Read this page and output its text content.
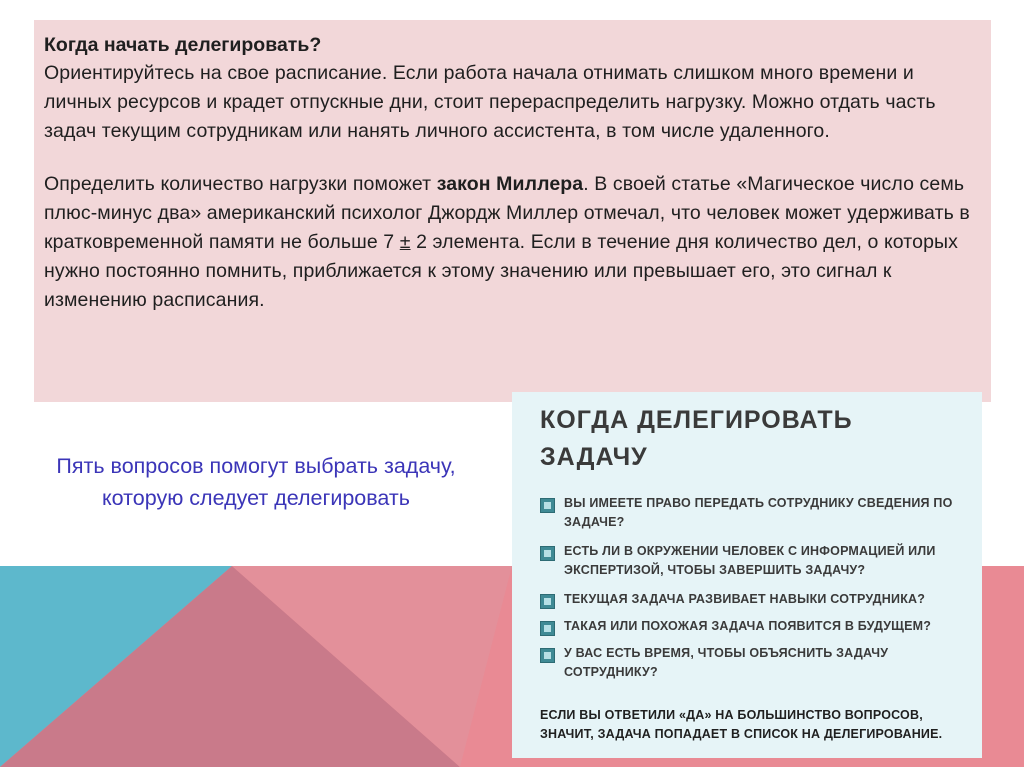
Когда начать делегировать?

Ориентируйтесь на свое расписание. Если работа начала отнимать слишком много времени и личных ресурсов и крадет отпускные дни, стоит перераспределить нагрузку. Можно отдать часть задач текущим сотрудникам или нанять личного ассистента, в том числе удаленного.

Определить количество нагрузки поможет закон Миллера. В своей статье «Магическое число семь плюс-минус два» американский психолог Джордж Миллер отмечал, что человек может удерживать в кратковременной памяти не больше 7 ± 2 элемента. Если в течение дня количество дел, о которых нужно постоянно помнить, приближается к этому значению или превышает его, это сигнал к изменению расписания.

Пять вопросов помогут выбрать задачу, которую следует делегировать

КОГДА ДЕЛЕГИРОВАТЬ ЗАДАЧУ
ВЫ ИМЕЕТЕ ПРАВО ПЕРЕДАТЬ СОТРУДНИКУ СВЕДЕНИЯ ПО ЗАДАЧЕ?
ЕСТЬ ЛИ В ОКРУЖЕНИИ ЧЕЛОВЕК С ИНФОРМАЦИЕЙ ИЛИ ЭКСПЕРТИЗОЙ, ЧТОБЫ ЗАВЕРШИТЬ ЗАДАЧУ?
ТЕКУЩАЯ ЗАДАЧА РАЗВИВАЕТ НАВЫКИ СОТРУДНИКА?
ТАКАЯ ИЛИ ПОХОЖАЯ ЗАДАЧА ПОЯВИТСЯ В БУДУЩЕМ?
У ВАС ЕСТЬ ВРЕМЯ, ЧТОБЫ ОБЪЯСНИТЬ ЗАДАЧУ СОТРУДНИКУ?

ЕСЛИ ВЫ ОТВЕТИЛИ «ДА» НА БОЛЬШИНСТВО ВОПРОСОВ, ЗНАЧИТ, ЗАДАЧА ПОПАДАЕТ В СПИСОК НА ДЕЛЕГИРОВАНИЕ.
